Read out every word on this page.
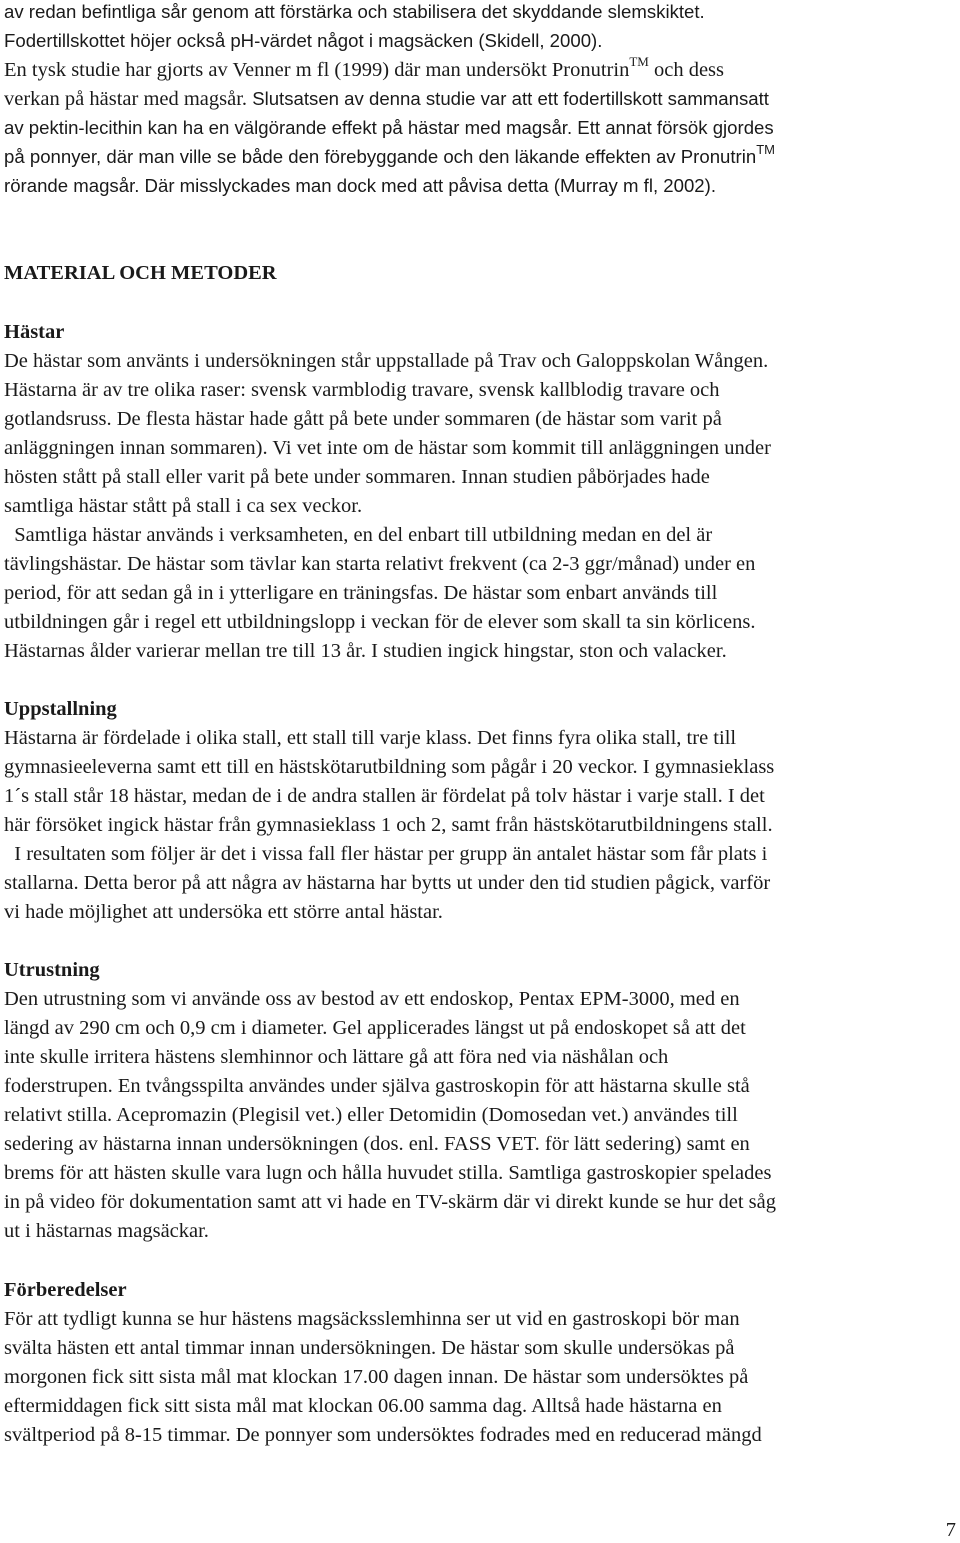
av redan befintliga sår genom att förstärka och stabilisera det skyddande slemskiktet.
Fodertillskottet höjer också pH-värdet något i magsäcken (Skidell, 2000).
En tysk studie har gjorts av Venner m fl (1999) där man undersökt Pronutrin™ och dess
verkan på hästar med magsår. Slutsatsen av denna studie var att ett fodertillskott sammansatt
av pektin-lecithin kan ha en välgörande effekt på hästar med magsår. Ett annat försök gjordes
på ponnyer, där man ville se både den förebyggande och den läkande effekten av Pronutrin™
rörande magsår. Där misslyckades man dock med att påvisa detta (Murray m fl, 2002).
MATERIAL OCH METODER
Hästar
De hästar som använts i undersökningen står uppstallade på Trav och Galoppskolan Wången.
Hästarna är av tre olika raser: svensk varmblodig travare, svensk kallblodig travare och
gotlandsruss. De flesta hästar hade gått på bete under sommaren (de hästar som varit på
anläggningen innan sommaren). Vi vet inte om de hästar som kommit till anläggningen under
hösten stått på stall eller varit på bete under sommaren. Innan studien påbörjades hade
samtliga hästar stått på stall i ca sex veckor.
Samtliga hästar används i verksamheten, en del enbart till utbildning medan en del är
tävlingshästar. De hästar som tävlar kan starta relativt frekvent (ca 2-3 ggr/månad) under en
period, för att sedan gå in i ytterligare en träningsfas. De hästar som enbart används till
utbildningen går i regel ett utbildningslopp i veckan för de elever som skall ta sin körlicens.
Hästarnas ålder varierar mellan tre till 13 år. I studien ingick hingstar, ston och valacker.
Uppstallning
Hästarna är fördelade i olika stall, ett stall till varje klass. Det finns fyra olika stall, tre till
gymnasieeleverna samt ett till en hästskötarutbildning som pågår i 20 veckor. I gymnasieklass
1´s stall står 18 hästar, medan de i de andra stallen är fördelat på tolv hästar i varje stall. I det
här försöket ingick hästar från gymnasieklass 1 och 2, samt från hästskötarutbildningens stall.
I resultaten som följer är det i vissa fall fler hästar per grupp än antalet hästar som får plats i
stallarna. Detta beror på att några av hästarna har bytts ut under den tid studien pågick, varför
vi hade möjlighet att undersöka ett större antal hästar.
Utrustning
Den utrustning som vi använde oss av bestod av ett endoskop, Pentax EPM-3000, med en
längd av 290 cm och 0,9 cm i diameter. Gel applicerades längst ut på endoskopet så att det
inte skulle irritera hästens slemhinnor och lättare gå att föra ned via näshålan och
foderstrupen. En tvångsspilta användes under själva gastroskopin för att hästarna skulle stå
relativt stilla. Acepromazin (Plegisil vet.) eller Detomidin (Domosedan vet.) användes till
sedering av hästarna innan undersökningen (dos. enl. FASS VET. för lätt sedering) samt en
brems för att hästen skulle vara lugn och hålla huvudet stilla. Samtliga gastroskopier spelades
in på video för dokumentation samt att vi hade en TV-skärm där vi direkt kunde se hur det såg
ut i hästarnas magsäckar.
Förberedelser
För att tydligt kunna se hur hästens magsäcksslemhinna ser ut vid en gastroskopi bör man
svälta hästen ett antal timmar innan undersökningen. De hästar som skulle undersökas på
morgonen fick sitt sista mål mat klockan 17.00 dagen innan. De hästar som undersöktes på
eftermiddagen fick sitt sista mål mat klockan 06.00 samma dag. Alltså hade hästarna en
svältperiod på 8-15 timmar. De ponnyer som undersöktes fodrades med en reducerad mängd
7
